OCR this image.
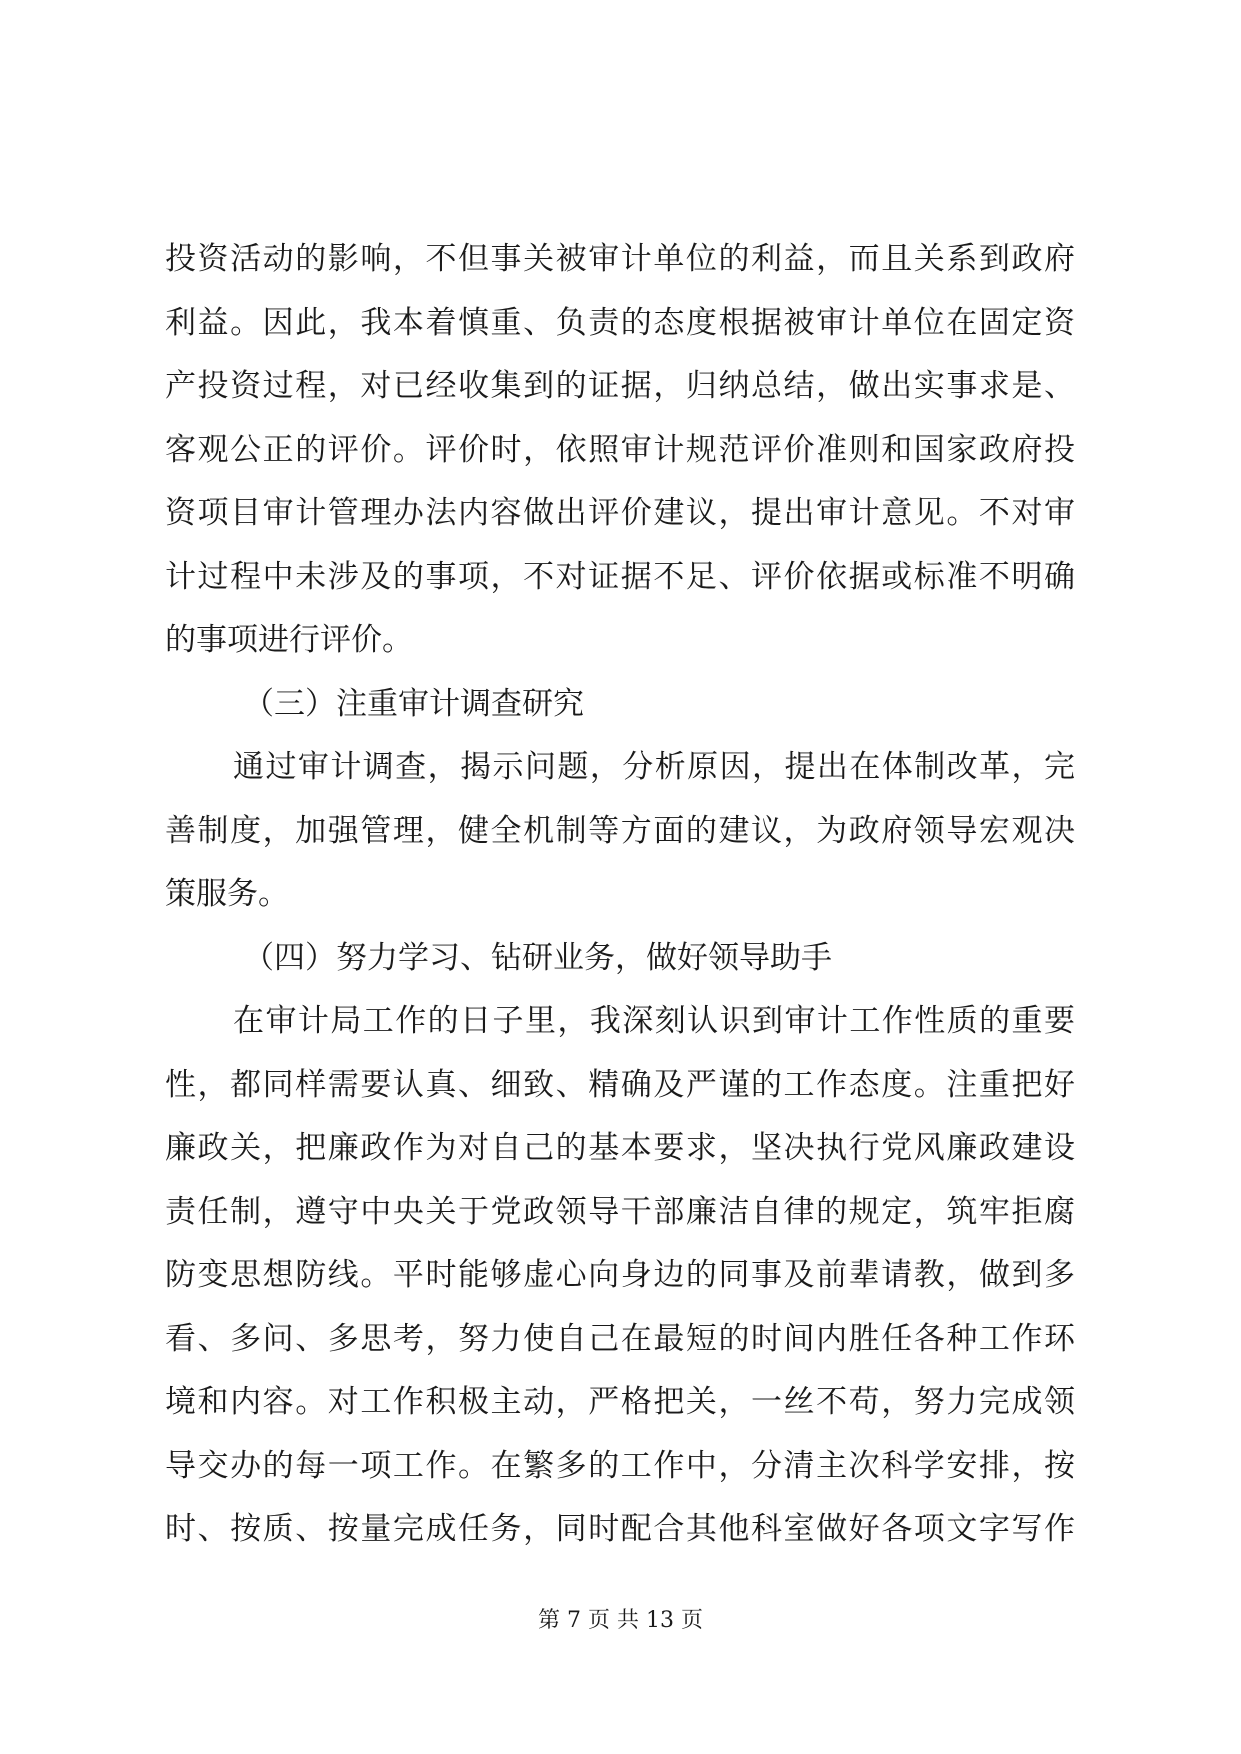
投资活动的影响，不但事关被审计单位的利益，而且关系到政府
利益。因此，我本着慎重、负责的态度根据被审计单位在固定资
产投资过程，对已经收集到的证据，归纳总结，做出实事求是、
客观公正的评价。评价时，依照审计规范评价准则和国家政府投
资项目审计管理办法内容做出评价建议，提出审计意见。不对审
计过程中未涉及的事项，不对证据不足、评价依据或标准不明确
的事项进行评价。
（三）注重审计调查研究
通过审计调查，揭示问题，分析原因，提出在体制改革，完
善制度，加强管理，健全机制等方面的建议，为政府领导宏观决
策服务。
（四）努力学习、钻研业务，做好领导助手
在审计局工作的日子里，我深刻认识到审计工作性质的重要
性，都同样需要认真、细致、精确及严谨的工作态度。注重把好
廉政关，把廉政作为对自己的基本要求，坚决执行党风廉政建设
责任制，遵守中央关于党政领导干部廉洁自律的规定，筑牢拒腐
防变思想防线。平时能够虚心向身边的同事及前辈请教，做到多
看、多问、多思考，努力使自己在最短的时间内胜任各种工作环
境和内容。对工作积极主动，严格把关，一丝不苟，努力完成领
导交办的每一项工作。在繁多的工作中，分清主次科学安排，按
时、按质、按量完成任务，同时配合其他科室做好各项文字写作
第 7 页 共 13 页
